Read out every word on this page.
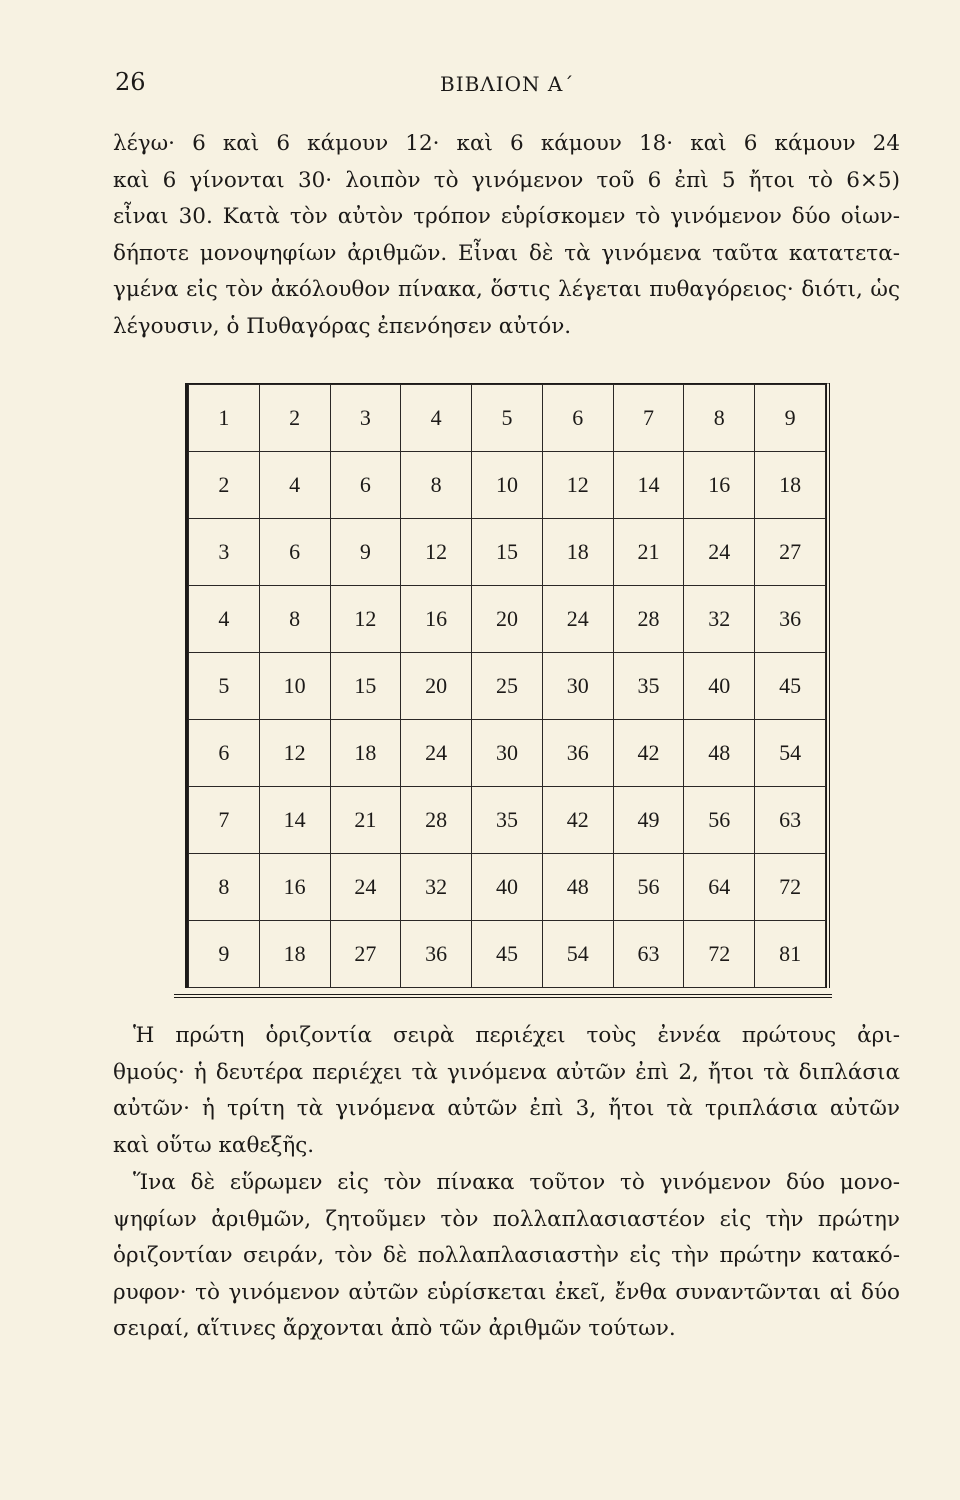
26	ΒΙΒΛΙΟΝ Α΄
λέγω· 6 καὶ 6 κάμουν 12· καὶ 6 κάμουν 18· καὶ 6 κάμουν 24
καὶ 6 γίνονται 30· λοιπὸν τὸ γινόμενον τοῦ 6 ἐπὶ 5 ἤτοι τὸ 6×5)
εἶναι 30. Κατὰ τὸν αὐτὸν τρόπον εὑρίσκομεν τὸ γινόμενον δύο οἱων-
δήποτε μονοψηφίων ἀριθμῶν. Εἶναι δὲ τὰ γινόμενα ταῦτα κατατετα-
γμένα εἰς τὸν ἀκόλουθον πίνακα, ὅστις λέγεται πυθαγόρειος· διότι, ὡς
λέγουσιν, ὁ Πυθαγόρας ἐπενόησεν αὐτόν.
1	2	3	4	5	6	7	8	9
2	4	6	8	10	12	14	16	18
3	6	9	12	15	18	21	24	27
4	8	12	16	20	24	28	32	36
5	10	15	20	25	30	35	40	45
6	12	18	24	30	36	42	48	54
7	14	21	28	35	42	49	56	63
8	16	24	32	40	48	56	64	72
9	18	27	36	45	54	63	72	81
Ἡ πρώτη ὁριζοντία σειρὰ περιέχει τοὺς ἐννέα πρώτους ἀρι-
θμούς· ἡ δευτέρα περιέχει τὰ γινόμενα αὐτῶν ἐπὶ 2, ἤτοι τὰ διπλάσια
αὐτῶν· ἡ τρίτη τὰ γινόμενα αὐτῶν ἐπὶ 3, ἤτοι τὰ τριπλάσια αὐτῶν
καὶ οὕτω καθεξῆς.
Ἵνα δὲ εὕρωμεν εἰς τὸν πίνακα τοῦτον τὸ γινόμενον δύο μονο-
ψηφίων ἀριθμῶν, ζητοῦμεν τὸν πολλαπλασιαστέον εἰς τὴν πρώτην
ὁριζοντίαν σειράν, τὸν δὲ πολλαπλασιαστὴν εἰς τὴν πρώτην κατακό-
ρυφον· τὸ γινόμενον αὐτῶν εὑρίσκεται ἐκεῖ, ἔνθα συναντῶνται αἱ δύο
σειραί, αἵτινες ἄρχονται ἀπὸ τῶν ἀριθμῶν τούτων.
